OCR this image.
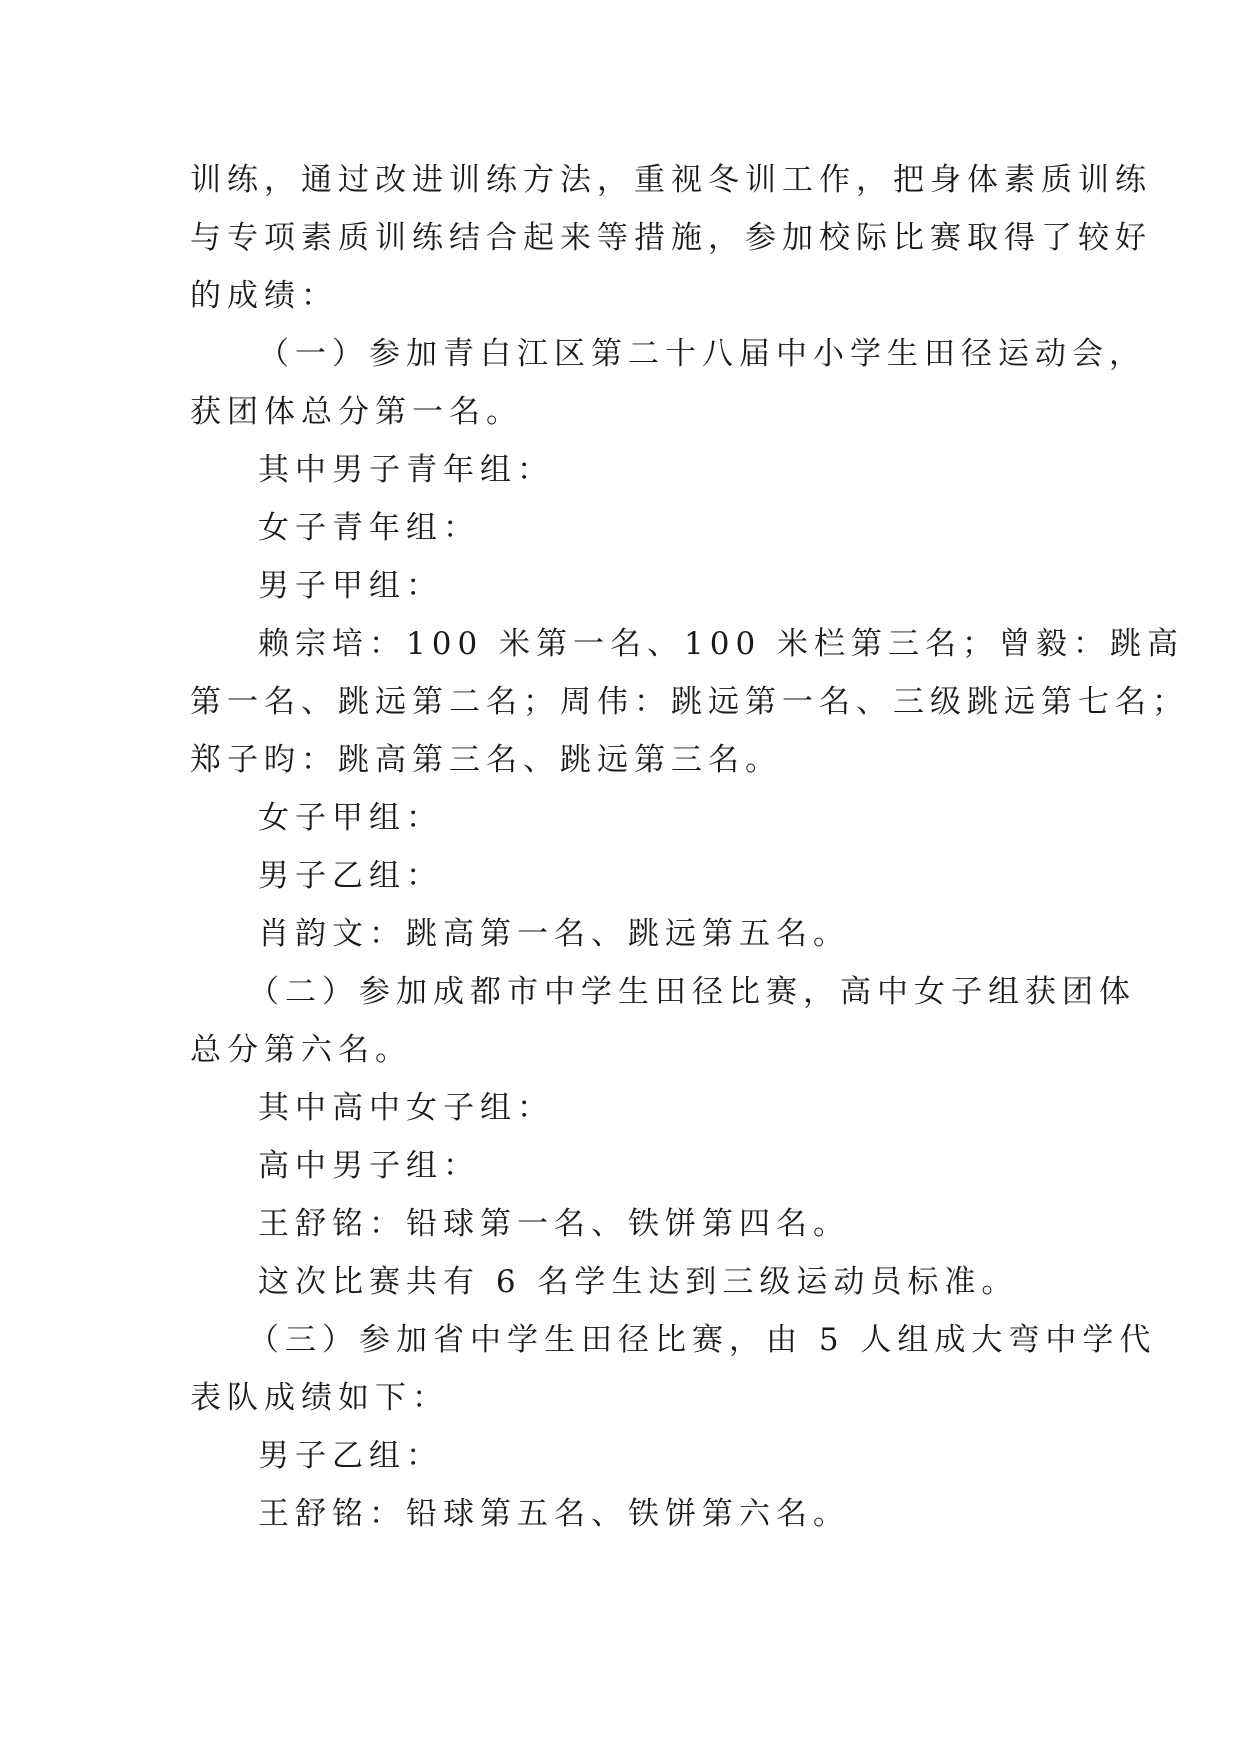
训练，通过改进训练方法，重视冬训工作，把身体素质训练
与专项素质训练结合起来等措施，参加校际比赛取得了较好
的成绩：
（一）参加青白江区第二十八届中小学生田径运动会，
获团体总分第一名。
其中男子青年组：
女子青年组：
男子甲组：
赖宗培：100 米第一名、100 米栏第三名；曾毅：跳高
第一名、跳远第二名；周伟：跳远第一名、三级跳远第七名；
郑子昀：跳高第三名、跳远第三名。
女子甲组：
男子乙组：
肖韵文：跳高第一名、跳远第五名。
（二）参加成都市中学生田径比赛，高中女子组获团体
总分第六名。
其中高中女子组：
高中男子组：
王舒铭：铅球第一名、铁饼第四名。
这次比赛共有 6 名学生达到三级运动员标准。
（三）参加省中学生田径比赛，由 5 人组成大弯中学代
表队成绩如下：
男子乙组：
王舒铭：铅球第五名、铁饼第六名。
